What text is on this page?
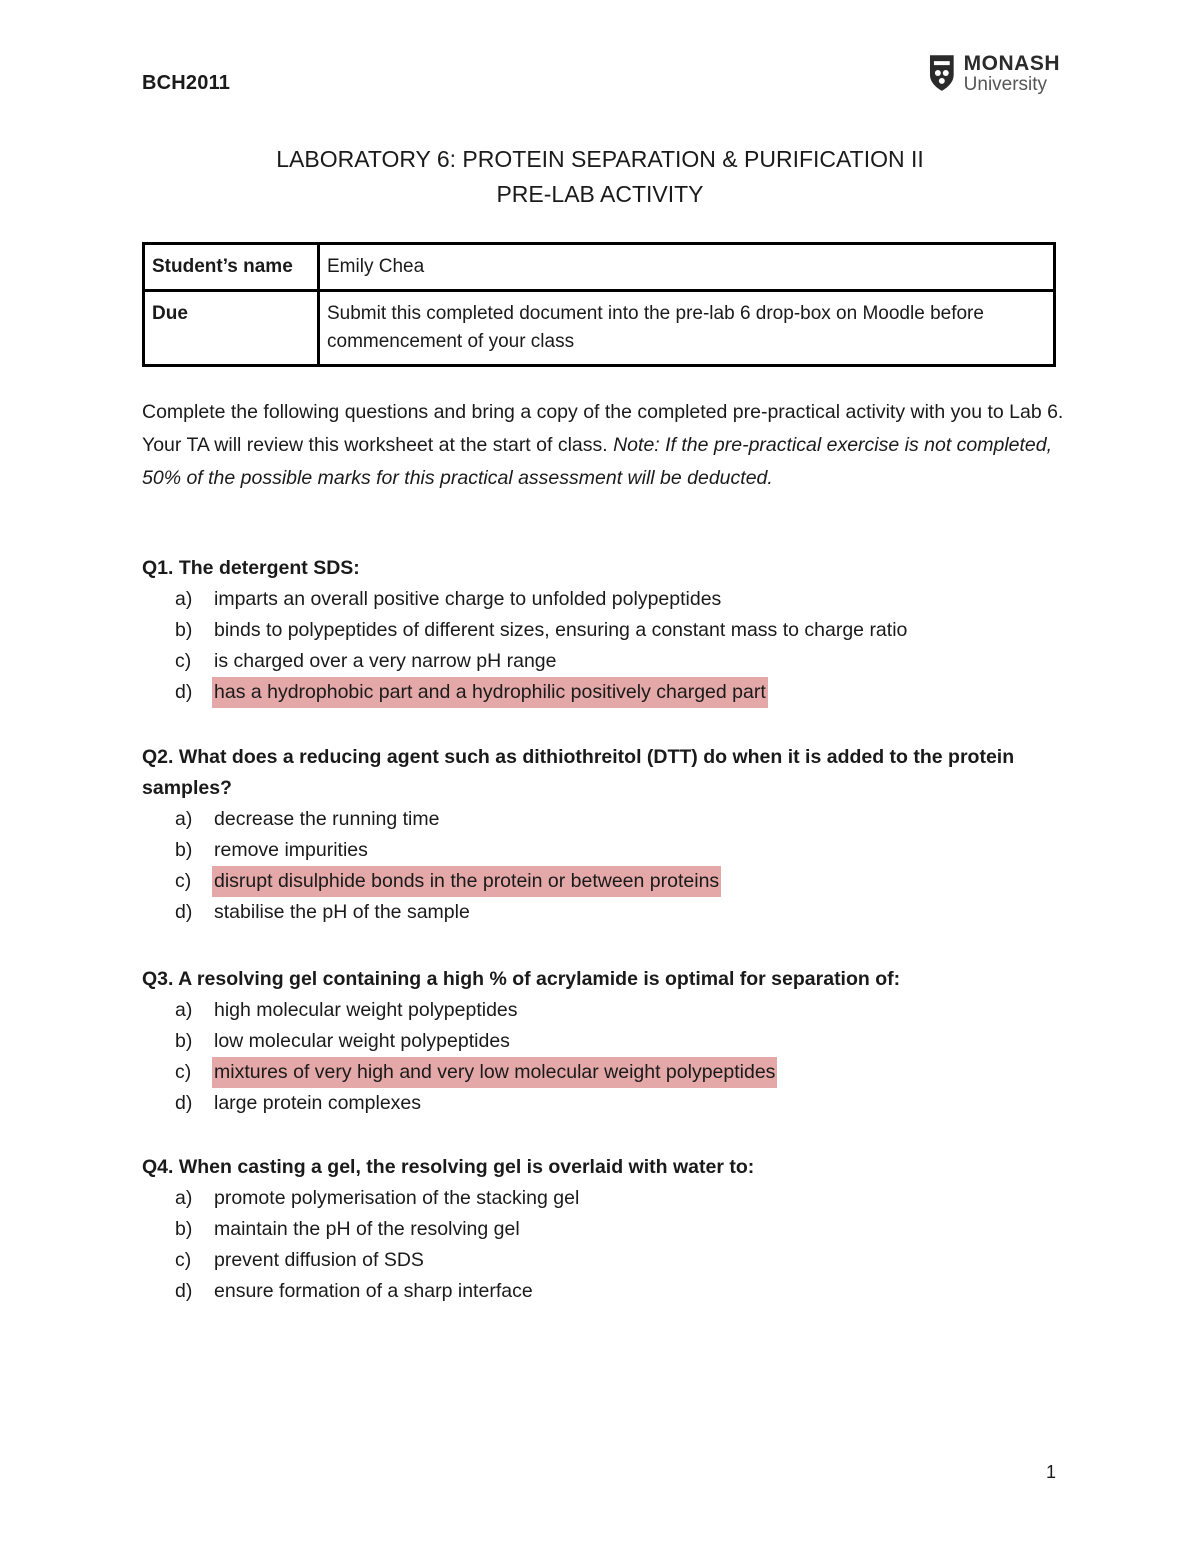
BCH2011
MONASH
University
LABORATORY 6: PROTEIN SEPARATION & PURIFICATION II
PRE-LAB ACTIVITY
Student’s name	Emily Chea
Due	Submit this completed document into the pre-lab 6 drop-box on Moodle before commencement of your class
Complete the following questions and bring a copy of the completed pre-practical activity with you to Lab 6. Your TA will review this worksheet at the start of class. Note: If the pre-practical exercise is not completed, 50% of the possible marks for this practical assessment will be deducted.
Q1. The detergent SDS:
a)	imparts an overall positive charge to unfolded polypeptides
b)	binds to polypeptides of different sizes, ensuring a constant mass to charge ratio
c)	is charged over a very narrow pH range
d)	has a hydrophobic part and a hydrophilic positively charged part
Q2. What does a reducing agent such as dithiothreitol (DTT) do when it is added to the protein samples?
a)	decrease the running time
b)	remove impurities
c)	disrupt disulphide bonds in the protein or between proteins
d)	stabilise the pH of the sample
Q3. A resolving gel containing a high % of acrylamide is optimal for separation of:
a)	high molecular weight polypeptides
b)	low molecular weight polypeptides
c)	mixtures of very high and very low molecular weight polypeptides
d)	large protein complexes
Q4. When casting a gel, the resolving gel is overlaid with water to:
a)	promote polymerisation of the stacking gel
b)	maintain the pH of the resolving gel
c)	prevent diffusion of SDS
d)	ensure formation of a sharp interface
1
